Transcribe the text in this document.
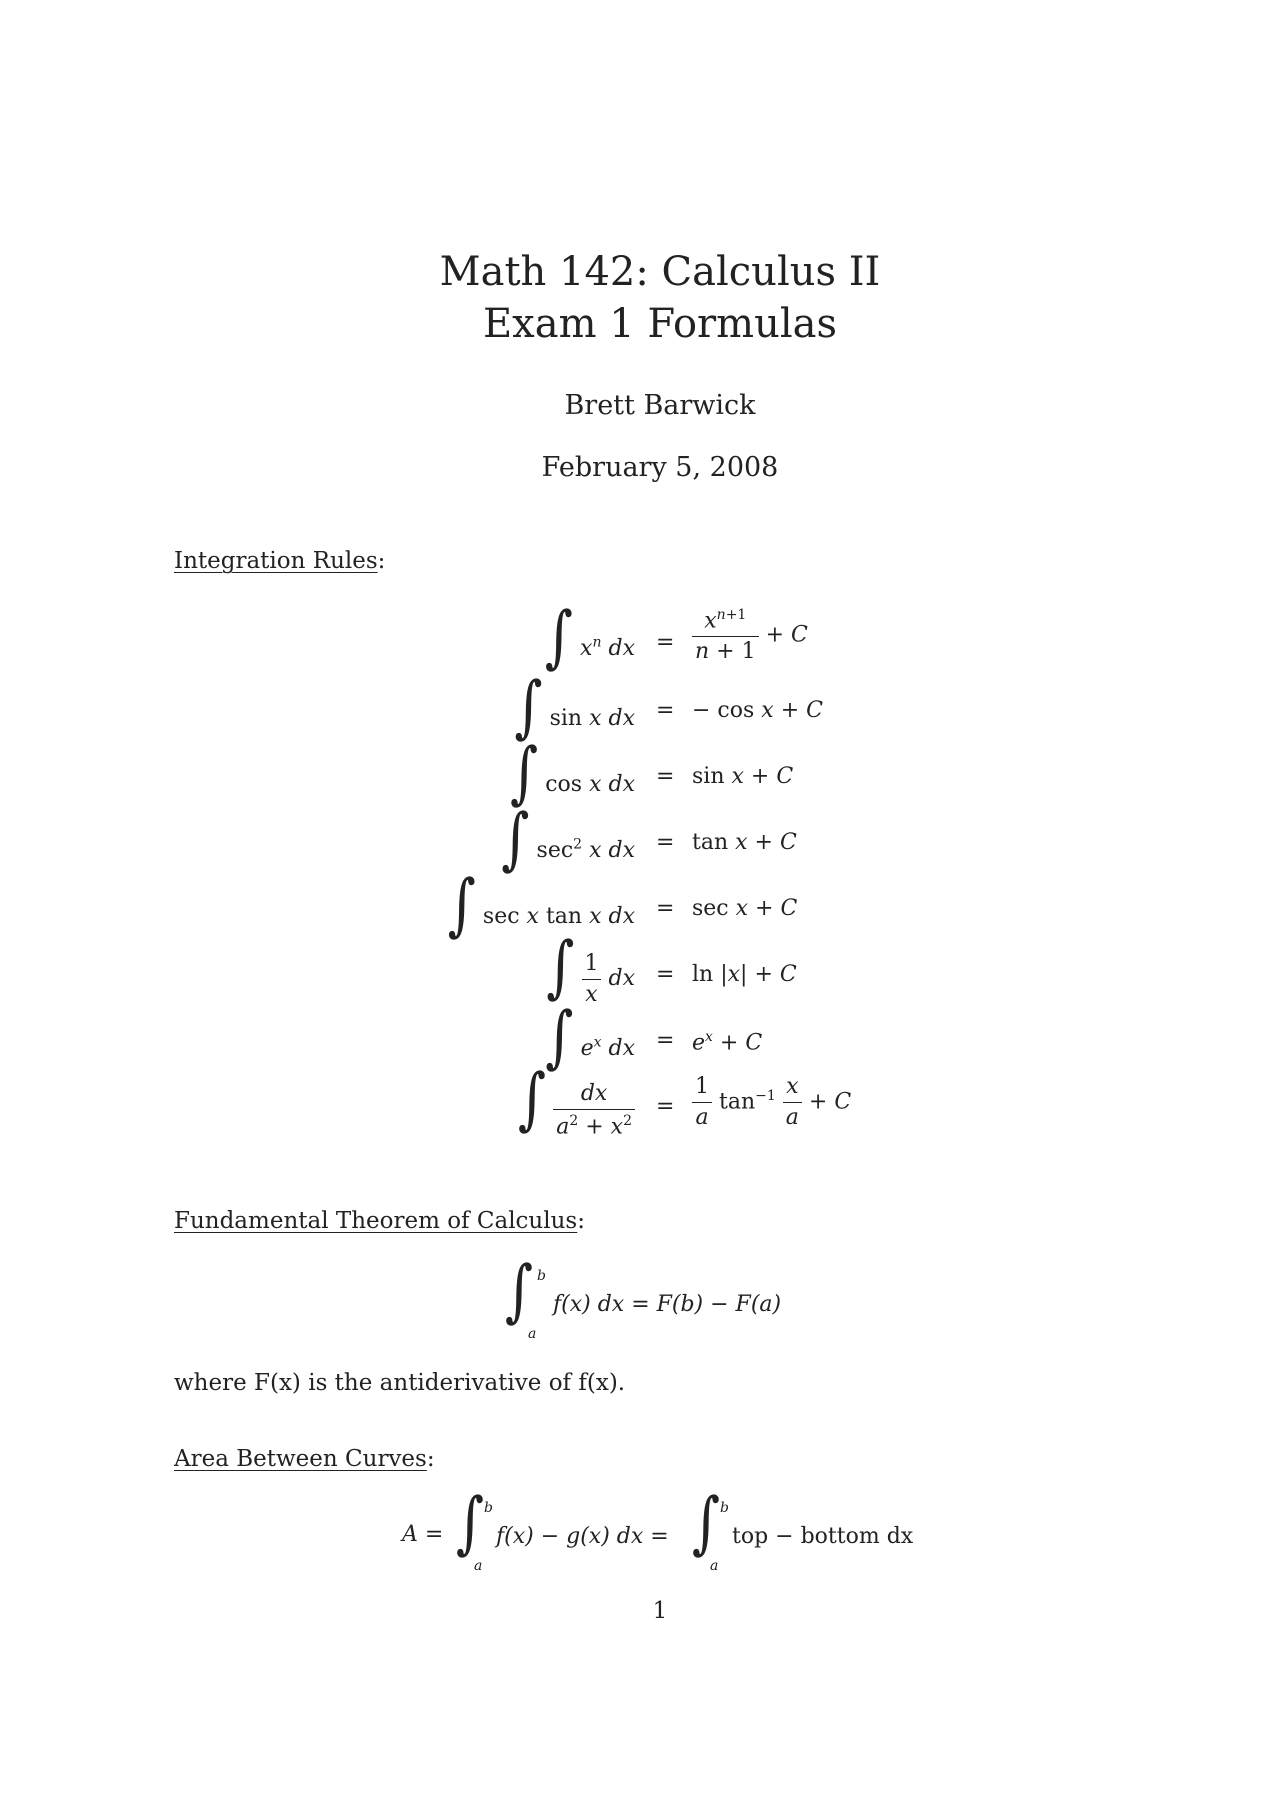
Math 142: Calculus II
Exam 1 Formulas
Brett Barwick
February 5, 2008
Integration Rules:
∫ $x^n$ dx = $\frac{x^{n+1}}{n + 1} + C$
∫ sin x dx = − cos x + C
∫ cos x dx = sin x + C
∫ $\sec^2 x$ dx = tan x + C
∫ sec x tan x dx = sec x + C
∫ $\frac{1}{x}$ dx = ln |x| + C
∫ $e^x$ dx = $e^x + C$
∫ $\frac{dx}{a^2 + x^2} = \frac{1}{a} \tan^{-1} \frac{x}{a} + C$
Fundamental Theorem of Calculus:
∫ b
a
f(x) dx = F(b) − F(a)
where F(x) is the antiderivative of f(x).
Area Between Curves:
A = ∫ b
a
f(x) − g(x) dx = ∫ b
a
top − bottom dx
1
